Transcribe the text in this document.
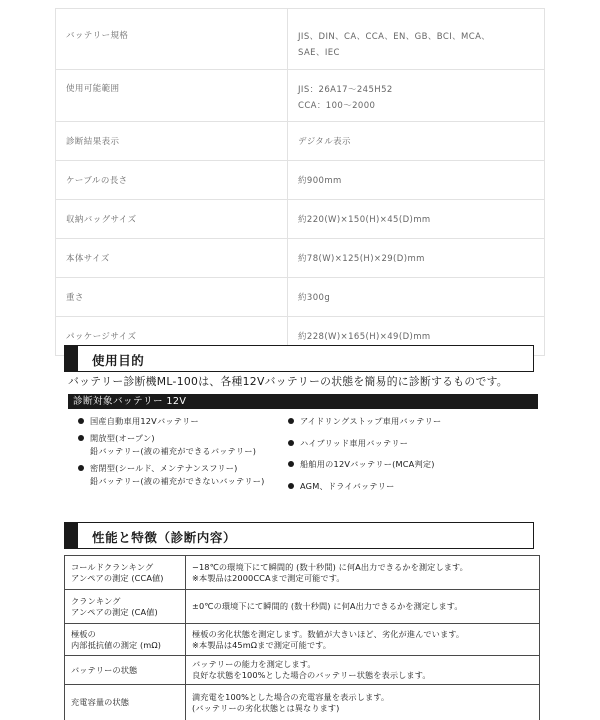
バッテリー規格	JIS、DIN、CA、CCA、EN、GB、BCI、MCA、
SAE、IEC

使用可能範囲	JIS：26A17～245H52
CCA：100～2000

診断結果表示	デジタル表示
ケーブルの長さ	約900mm
収納バッグサイズ	約220(W)×150(H)×45(D)mm
本体サイズ	約78(W)×125(H)×29(D)mm
重さ	約300g
パッケージサイズ	約228(W)×165(H)×49(D)mm
使用目的
バッテリー診断機ML-100は、各種12Vバッテリーの状態を簡易的に診断するものです。
診断対象バッテリー 12V
国産自動車用12Vバッテリー
開放型(オープン)
鉛バッテリー(液の補充ができるバッテリー)
密閉型(シールド、メンテナンスフリー)
鉛バッテリー(液の補充ができないバッテリー)
アイドリングストップ車用バッテリー
ハイブリッド車用バッテリー
船舶用の12Vバッテリー(MCA判定)
AGM、ドライバッテリー
性能と特徴（診断内容）
コールドクランキング
アンペアの測定 (CCA値)	−18℃の環境下にて瞬間的 (数十秒間) に何A出力できるかを測定します。
※本製品は2000CCAまで測定可能です。

クランキング
アンペアの測定 (CA値)	±0℃の環境下にて瞬間的 (数十秒間) に何A出力できるかを測定します。

極板の
内部抵抗値の測定 (mΩ)	極板の劣化状態を測定します。数値が大きいほど、劣化が進んでいます。
※本製品は45mΩまで測定可能です。

バッテリーの状態	バッテリーの能力を測定します。
良好な状態を100%とした場合のバッテリー状態を表示します。

充電容量の状態	満充電を100%とした場合の充電容量を表示します。
(バッテリーの劣化状態とは異なります)
